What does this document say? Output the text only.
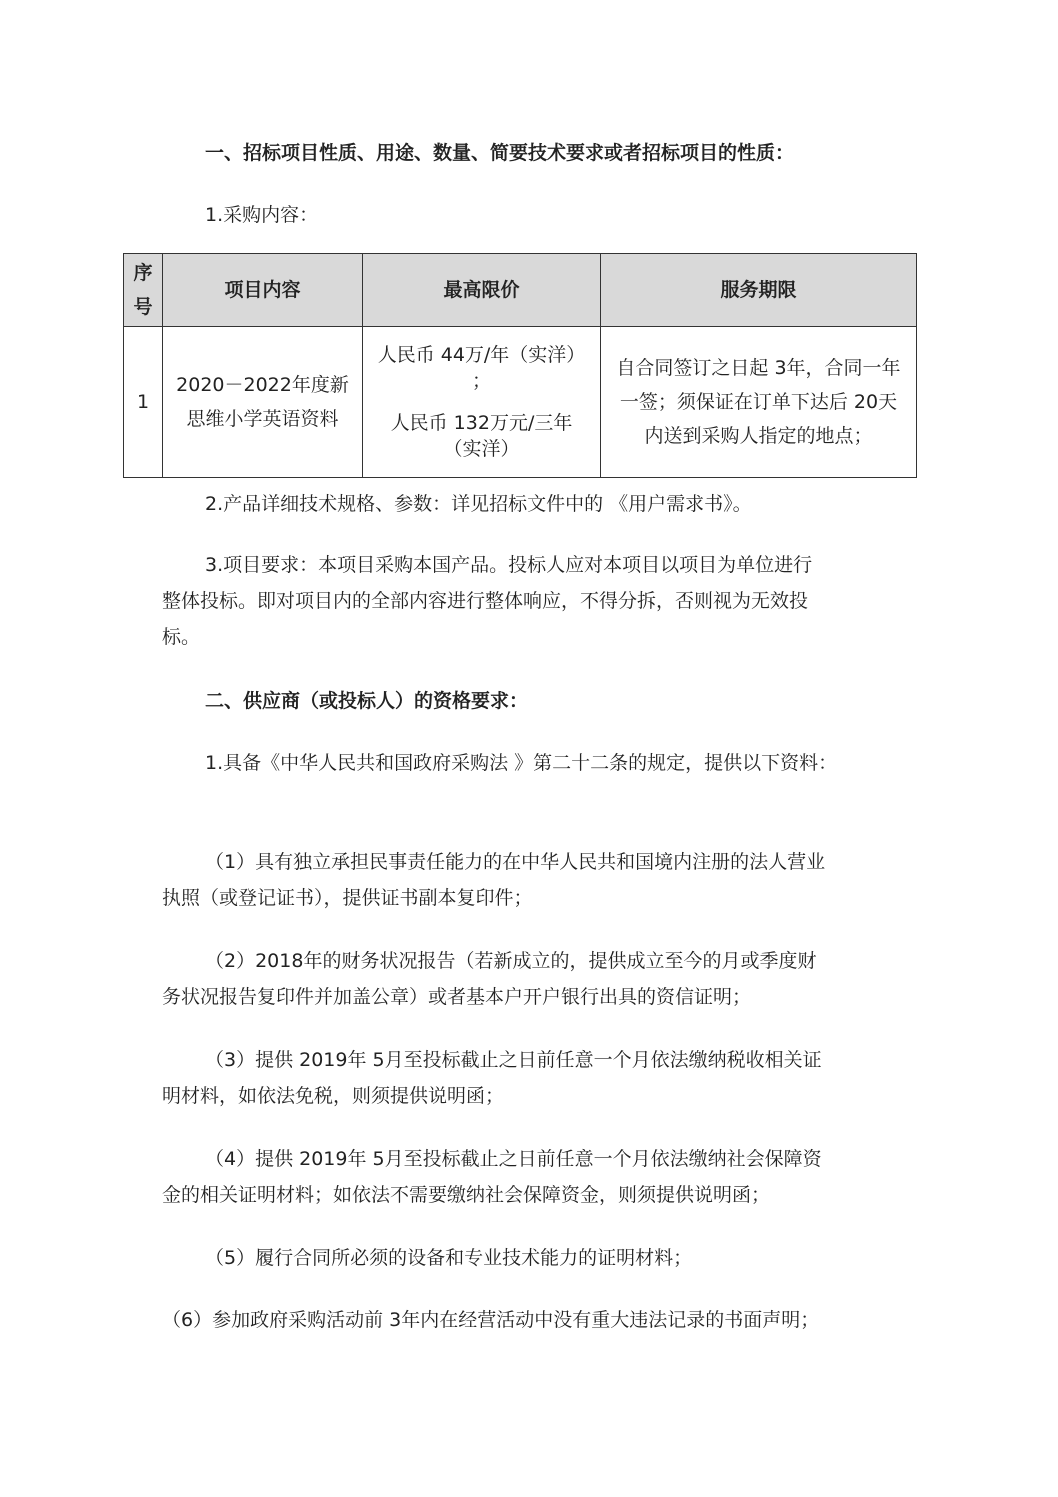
一、招标项目性质、用途、数量、简要技术要求或者招标项目的性质：
1.采购内容：
序
号	项目内容	最高限价	服务期限
1	2020－2022年度新思维小学英语资料	人民币 44万/年（实洋）
；
人民币 132万元/三年
（实洋）	自合同签订之日起 3年，合同一年一签；须保证在订单下达后 20天内送到采购人指定的地点；
2.产品详细技术规格、参数：详见招标文件中的 《用户需求书》。
3.项目要求：本项目采购本国产品。投标人应对本项目以项目为单位进行
整体投标。即对项目内的全部内容进行整体响应，不得分拆，否则视为无效投
标。
二、供应商（或投标人）的资格要求：
1.具备《中华人民共和国政府采购法 》第二十二条的规定，提供以下资料：
（1）具有独立承担民事责任能力的在中华人民共和国境内注册的法人营业
执照（或登记证书），提供证书副本复印件；
（2）2018年的财务状况报告（若新成立的，提供成立至今的月或季度财
务状况报告复印件并加盖公章）或者基本户开户银行出具的资信证明；
（3）提供 2019年 5月至投标截止之日前任意一个月依法缴纳税收相关证
明材料，如依法免税，则须提供说明函；
（4）提供 2019年 5月至投标截止之日前任意一个月依法缴纳社会保障资
金的相关证明材料；如依法不需要缴纳社会保障资金，则须提供说明函；
（5）履行合同所必须的设备和专业技术能力的证明材料；
（6）参加政府采购活动前 3年内在经营活动中没有重大违法记录的书面声明；
